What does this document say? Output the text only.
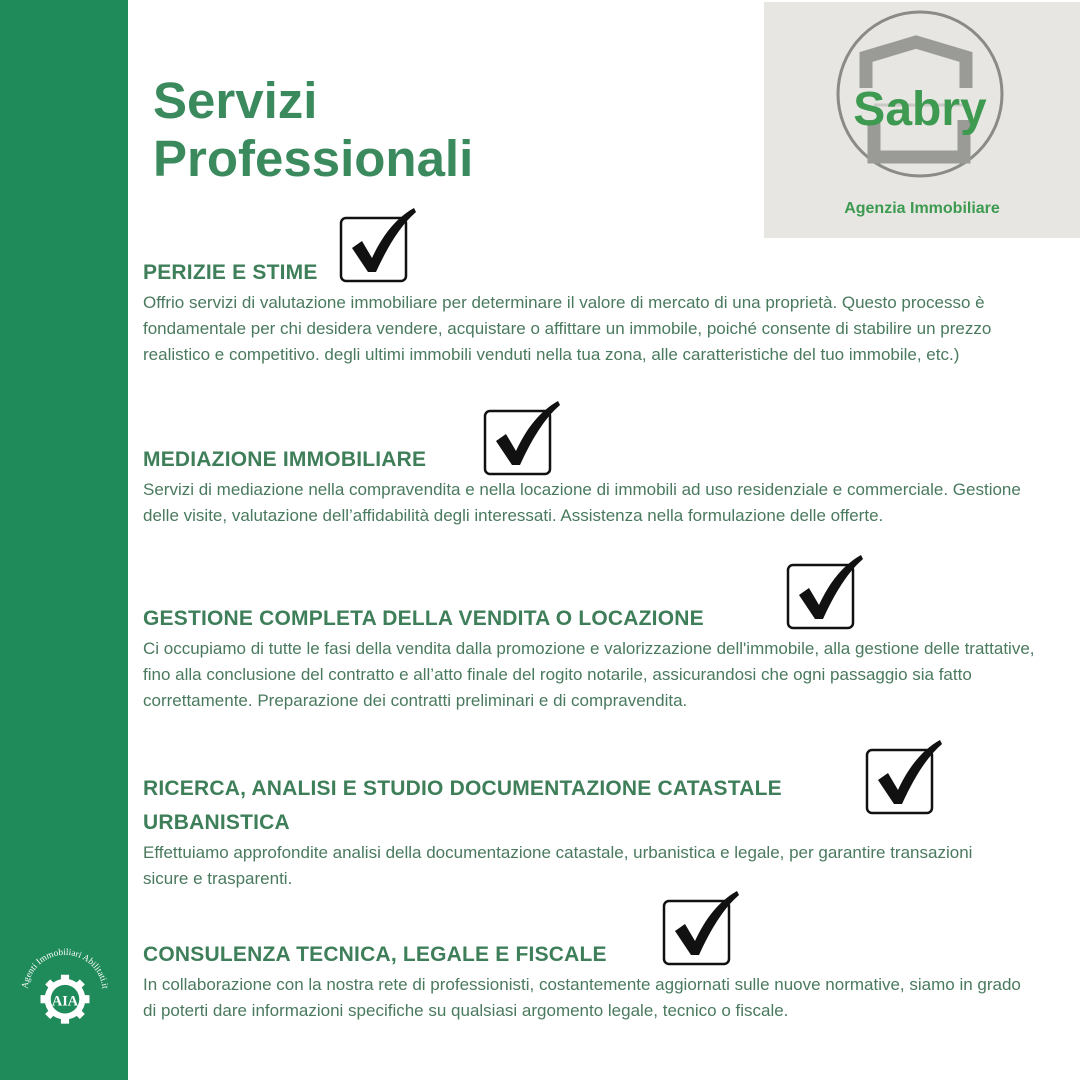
Agenti Immobiliari Abilitati.it
AIA
Servizi
Professionali
Sabry
Agenzia Immobiliare
PERIZIE E STIME

Offrio servizi di valutazione immobiliare per determinare il valore di mercato di una proprietà. Questo processo è fondamentale per chi desidera vendere, acquistare o affittare un immobile, poiché consente di stabilire un prezzo realistico e competitivo. degli ultimi immobili venduti nella tua zona, alle caratteristiche del tuo immobile, etc.)

MEDIAZIONE IMMOBILIARE

Servizi di mediazione nella compravendita e nella locazione di immobili ad uso residenziale e commerciale. Gestione delle visite, valutazione dell’affidabilità degli interessati. Assistenza nella formulazione delle offerte.

GESTIONE COMPLETA DELLA VENDITA O LOCAZIONE

Ci occupiamo di tutte le fasi della vendita dalla promozione e valorizzazione dell'immobile, alla gestione delle trattative, fino alla conclusione del contratto e all’atto finale del rogito notarile, assicurandosi che ogni passaggio sia fatto correttamente. Preparazione dei contratti preliminari e di compravendita.

RICERCA, ANALISI E STUDIO DOCUMENTAZIONE CATASTALE URBANISTICA

Effettuiamo approfondite analisi della documentazione catastale, urbanistica e legale, per garantire transazioni sicure e trasparenti.

CONSULENZA TECNICA, LEGALE E FISCALE

In collaborazione con la nostra rete di professionisti, costantemente aggiornati sulle nuove normative, siamo in grado di poterti dare informazioni specifiche su qualsiasi argomento legale, tecnico o fiscale.
